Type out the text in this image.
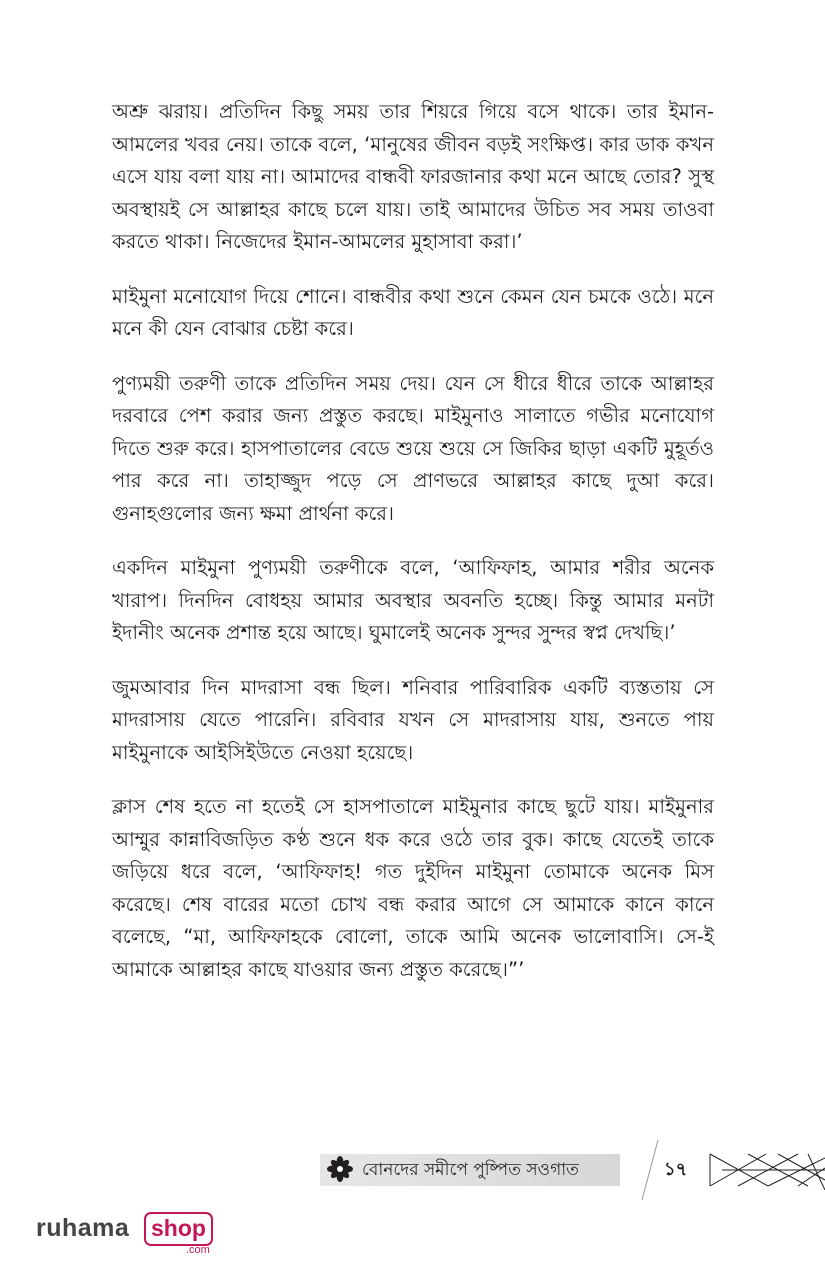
অশ্রু ঝরায়। প্রতিদিন কিছু সময় তার শিয়রে গিয়ে বসে থাকে। তার ইমান-আমলের খবর নেয়। তাকে বলে, ‘মানুষের জীবন বড়ই সংক্ষিপ্ত। কার ডাক কখন এসে যায় বলা যায় না। আমাদের বান্ধবী ফারজানার কথা মনে আছে তোর? সুস্থ অবস্থায়ই সে আল্লাহর কাছে চলে যায়। তাই আমাদের উচিত সব সময় তাওবা করতে থাকা। নিজেদের ইমান-আমলের মুহাসাবা করা।’

মাইমুনা মনোযোগ দিয়ে শোনে। বান্ধবীর কথা শুনে কেমন যেন চমকে ওঠে। মনে মনে কী যেন বোঝার চেষ্টা করে।

পুণ্যময়ী তরুণী তাকে প্রতিদিন সময় দেয়। যেন সে ধীরে ধীরে তাকে আল্লাহর দরবারে পেশ করার জন্য প্রস্তুত করছে। মাইমুনাও সালাতে গভীর মনোযোগ দিতে শুরু করে। হাসপাতালের বেডে শুয়ে শুয়ে সে জিকির ছাড়া একটি মুহূর্তও পার করে না। তাহাজ্জুদ পড়ে সে প্রাণভরে আল্লাহর কাছে দুআ করে। গুনাহগুলোর জন্য ক্ষমা প্রার্থনা করে।

একদিন মাইমুনা পুণ্যময়ী তরুণীকে বলে, ‘আফিফাহ, আমার শরীর অনেক খারাপ। দিনদিন বোধহয় আমার অবস্থার অবনতি হচ্ছে। কিন্তু আমার মনটা ইদানীং অনেক প্রশান্ত হয়ে আছে। ঘুমালেই অনেক সুন্দর সুন্দর স্বপ্ন দেখছি।’

জুমআবার দিন মাদরাসা বন্ধ ছিল। শনিবার পারিবারিক একটি ব্যস্ততায় সে মাদরাসায় যেতে পারেনি। রবিবার যখন সে মাদরাসায় যায়, শুনতে পায় মাইমুনাকে আইসিইউতে নেওয়া হয়েছে।

ক্লাস শেষ হতে না হতেই সে হাসপাতালে মাইমুনার কাছে ছুটে যায়। মাইমুনার আম্মুর কান্নাবিজড়িত কণ্ঠ শুনে ধক করে ওঠে তার বুক। কাছে যেতেই তাকে জড়িয়ে ধরে বলে, ‘আফিফাহ! গত দুইদিন মাইমুনা তোমাকে অনেক মিস করেছে। শেষ বারের মতো চোখ বন্ধ করার আগে সে আমাকে কানে কানে বলেছে, “মা, আফিফাহকে বোলো, তাকে আমি অনেক ভালোবাসি। সে-ই আমাকে আল্লাহর কাছে যাওয়ার জন্য প্রস্তুত করেছে।”’

বোনদের সমীপে পুষ্পিত সওগাত	১৭
ruhama shop
.com
